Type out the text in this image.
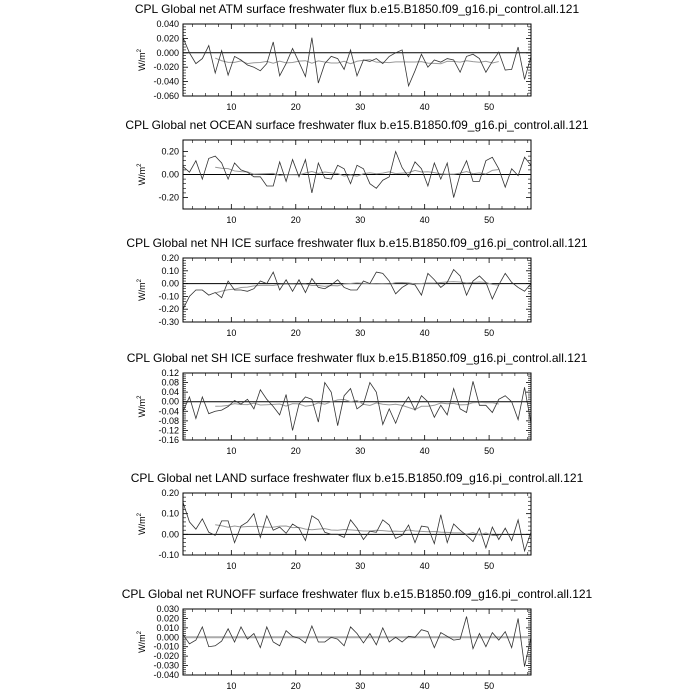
CPL Global net ATM surface freshwater flux b.e15.B1850.f09_g16.pi_control.all.121
$W/m^2$
-0.060
-0.040
-0.020
0.000
0.020
0.040
10	20	30	40	50
CPL Global net OCEAN surface freshwater flux b.e15.B1850.f09_g16.pi_control.all.121
$W/m^2$
-0.20
0.00
0.20
10	20	30	40	50
CPL Global net NH ICE surface freshwater flux b.e15.B1850.f09_g16.pi_control.all.121
$W/m^2$
-0.30
-0.20
-0.10
0.00
0.10
0.20
10	20	30	40	50
CPL Global net SH ICE surface freshwater flux b.e15.B1850.f09_g16.pi_control.all.121
$W/m^2$
-0.16
-0.12
-0.08
-0.04
0.00
0.04
0.08
0.12
10	20	30	40	50
CPL Global net LAND surface freshwater flux b.e15.B1850.f09_g16.pi_control.all.121
$W/m^2$
-0.10
0.00
0.10
0.20
10	20	30	40	50
CPL Global net RUNOFF surface freshwater flux b.e15.B1850.f09_g16.pi_control.all.121
$W/m^2$
-0.040
-0.030
-0.020
-0.010
0.000
0.010
0.020
0.030
10	20	30	40	50
